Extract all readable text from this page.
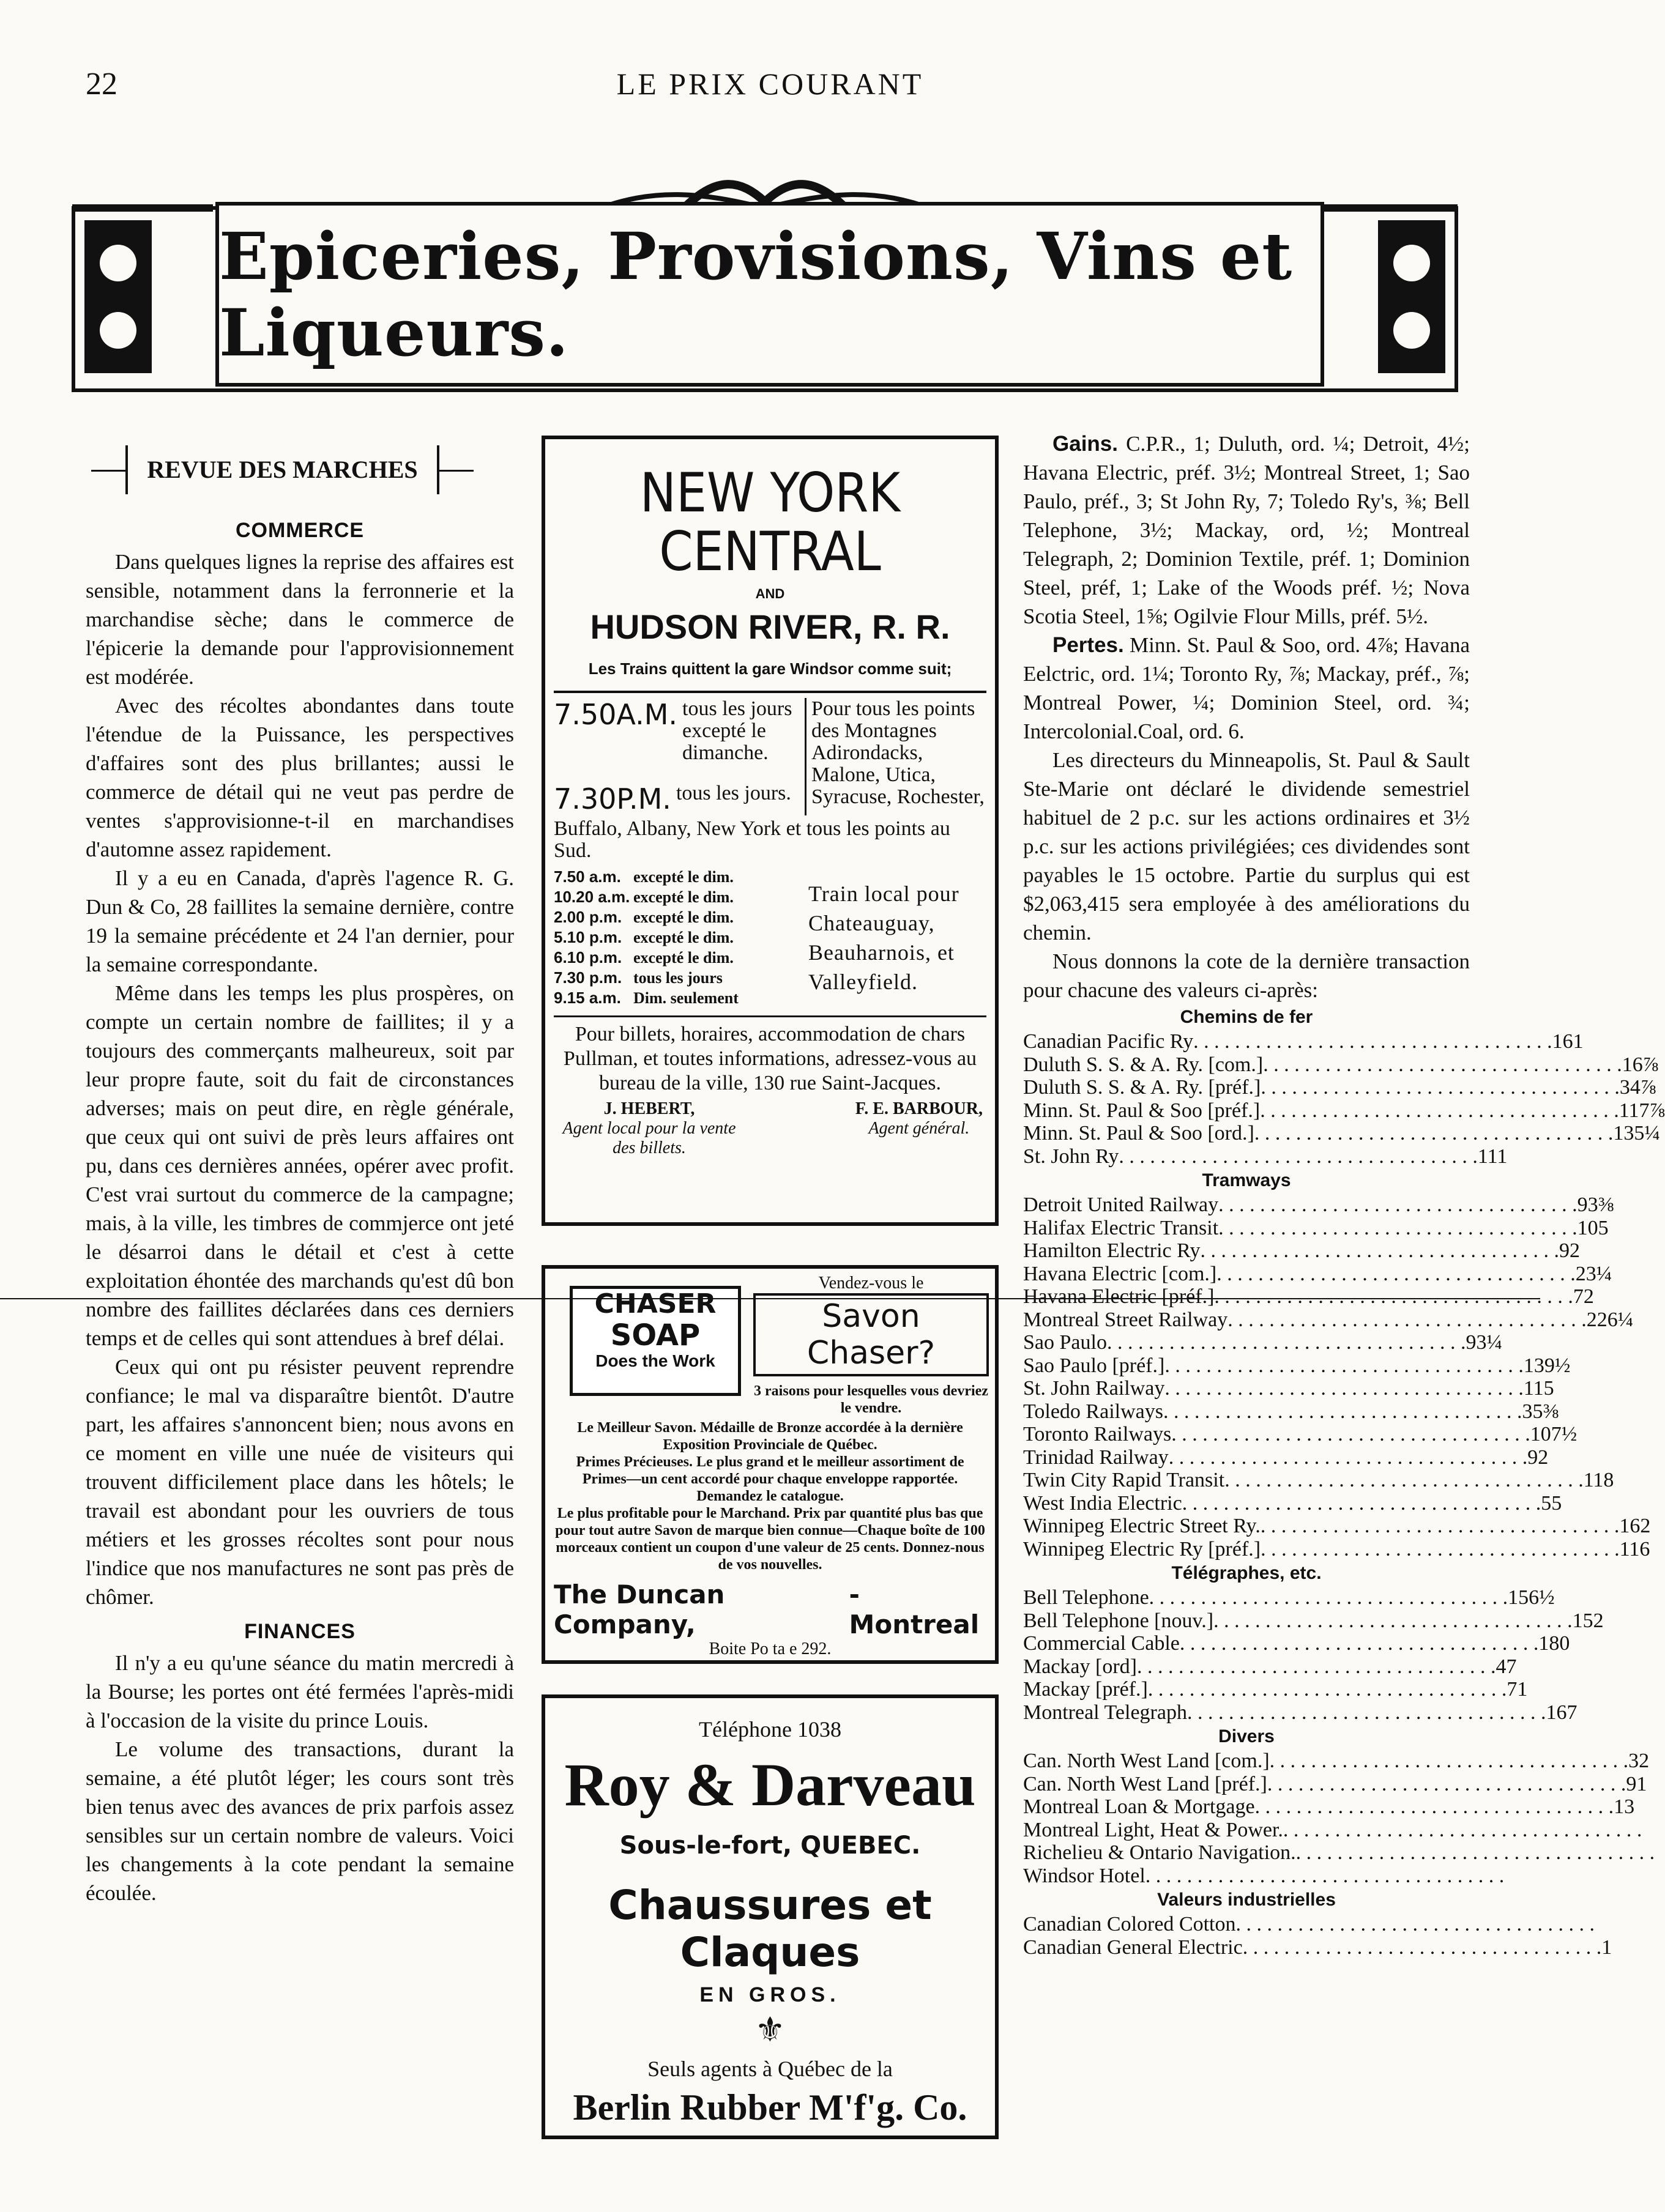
22	LE PRIX COURANT
Epiceries, Provisions, Vins et Liqueurs.
REVUE DES MARCHES
COMMERCE

Dans quelques lignes la reprise des affaires est sensible, notamment dans la ferronnerie et la marchandise sèche; dans le commerce de l'épicerie la demande pour l'approvisionnement est modérée.

Avec des récoltes abondantes dans toute l'étendue de la Puissance, les perspectives d'affaires sont des plus brillantes; aussi le commerce de détail qui ne veut pas perdre de ventes s'approvisionne-t-il en marchandises d'automne assez rapidement.

Il y a eu en Canada, d'après l'agence R. G. Dun & Co, 28 faillites la semaine dernière, contre 19 la semaine précédente et 24 l'an dernier, pour la semaine correspondante.

Même dans les temps les plus prospères, on compte un certain nombre de faillites; il y a toujours des commerçants malheureux, soit par leur propre faute, soit du fait de circonstances adverses; mais on peut dire, en règle générale, que ceux qui ont suivi de près leurs affaires ont pu, dans ces dernières années, opérer avec profit. C'est vrai surtout du commerce de la campagne; mais, à la ville, les timbres de commjerce ont jeté le désarroi dans le détail et c'est à cette exploitation éhontée des marchands qu'est dû bon nombre des faillites déclarées dans ces derniers temps et de celles qui sont attendues à bref délai.

Ceux qui ont pu résister peuvent reprendre confiance; le mal va disparaître bientôt. D'autre part, les affaires s'annoncent bien; nous avons en ce moment en ville une nuée de visiteurs qui trouvent difficilement place dans les hôtels; le travail est abondant pour les ouvriers de tous métiers et les grosses récoltes sont pour nous l'indice que nos manufactures ne sont pas près de chômer.

FINANCES

Il n'y a eu qu'une séance du matin mercredi à la Bourse; les portes ont été fermées l'après-midi à l'occasion de la visite du prince Louis.

Le volume des transactions, durant la semaine, a été plutôt léger; les cours sont très bien tenus avec des avances de prix parfois assez sensibles sur un certain nombre de valeurs. Voici les changements à la cote pendant la semaine écoulée.

NEW YORK CENTRAL
AND
HUDSON RIVER, R. R.
Les Trains quittent la gare Windsor comme suit;
7.50A.M. tous les jours excepté le dimanche.
7.30P.M. tous les jours.
Pour tous les points des Montagnes Adirondacks, Malone, Utica, Syracuse, Rochester,
Buffalo, Albany, New York et tous les points au Sud.
7.50 a.m. excepté le dim.
10.20 a.m. excepté le dim.
2.00 p.m. excepté le dim.
5.10 p.m. excepté le dim.
6.10 p.m. excepté le dim.
7.30 p.m. tous les jours
9.15 a.m. Dim. seulement
Train local pour Chateauguay, Beauharnois, et Valleyfield.
Pour billets, horaires, accommodation de chars Pullman, et toutes informations, adressez-vous au bureau de la ville, 130 rue Saint-Jacques.
J. HEBERT,
Agent local pour la vente des billets.
F. E. BARBOUR,
Agent général.
CHASER
SOAP
Does the Work
Vendez-vous le
Savon Chaser?
3 raisons pour lesquelles vous devriez le vendre.
Le Meilleur Savon. Médaille de Bronze accordée à la dernière Exposition Provinciale de Québec.
Primes Précieuses. Le plus grand et le meilleur assortiment de Primes—un cent accordé pour chaque enveloppe rapportée. Demandez le catalogue.
Le plus profitable pour le Marchand. Prix par quantité plus bas que pour tout autre Savon de marque bien connue—Chaque boîte de 100 morceaux contient un coupon d'une valeur de 25 cents. Donnez-nous de vos nouvelles.
The Duncan Company,
- Montreal
Boite Po ta e 292.
Téléphone 1038
Roy & Darveau
Sous-le-fort, QUEBEC.
Chaussures et Claques
EN GROS.
⚜
Seuls agents à Québec de la
Berlin Rubber M'f'g. Co.

Gains. C.P.R., 1; Duluth, ord. ¼; Detroit, 4½; Havana Electric, préf. 3½; Montreal Street, 1; Sao Paulo, préf., 3; St John Ry, 7; Toledo Ry's, ⅜; Bell Telephone, 3½; Mackay, ord, ½; Montreal Telegraph, 2; Dominion Textile, préf. 1; Dominion Steel, préf, 1; Lake of the Woods préf. ½; Nova Scotia Steel, 1⅝; Ogilvie Flour Mills, préf. 5½.

Pertes. Minn. St. Paul & Soo, ord. 4⅞; Havana Eelctric, ord. 1¼; Toronto Ry, ⅞; Mackay, préf., ⅞; Montreal Power, ¼; Dominion Steel, ord. ¾; Intercolonial.Coal, ord. 6.

Les directeurs du Minneapolis, St. Paul & Sault Ste-Marie ont déclaré le dividende semestriel habituel de 2 p.c. sur les actions ordinaires et 3½ p.c. sur les actions privilégiées; ces dividendes sont payables le 15 octobre. Partie du surplus qui est $2,063,415 sera employée à des améliorations du chemin.

Nous donnons la cote de la dernière transaction pour chacune des valeurs ci-après:

Chemins de fer
Canadian Pacific Ry . . . . . . . . . . . . . . . . . . . . . . . . . . . . . . . . . . . 161
Duluth S. S. & A. Ry. [com.] . . . . . . . . . . . . . . . . . . . . . . . . . . . . . . . . . . . 16⅞
Duluth S. S. & A. Ry. [préf.] . . . . . . . . . . . . . . . . . . . . . . . . . . . . . . . . . . . 34⅞
Minn. St. Paul & Soo [préf.] . . . . . . . . . . . . . . . . . . . . . . . . . . . . . . . . . . . 117⅞
Minn. St. Paul & Soo [ord.] . . . . . . . . . . . . . . . . . . . . . . . . . . . . . . . . . . . 135¼
St. John Ry . . . . . . . . . . . . . . . . . . . . . . . . . . . . . . . . . . . 111
Tramways
Detroit United Railway . . . . . . . . . . . . . . . . . . . . . . . . . . . . . . . . . . . 93⅜
Halifax Electric Transit . . . . . . . . . . . . . . . . . . . . . . . . . . . . . . . . . . . 105
Hamilton Electric Ry . . . . . . . . . . . . . . . . . . . . . . . . . . . . . . . . . . . 92
Havana Electric [com.] . . . . . . . . . . . . . . . . . . . . . . . . . . . . . . . . . . . 23¼
Havana Electric [préf.] . . . . . . . . . . . . . . . . . . . . . . . . . . . . . . . . . . . 72
Montreal Street Railway . . . . . . . . . . . . . . . . . . . . . . . . . . . . . . . . . . . 226¼
Sao Paulo . . . . . . . . . . . . . . . . . . . . . . . . . . . . . . . . . . . 93¼
Sao Paulo [préf.] . . . . . . . . . . . . . . . . . . . . . . . . . . . . . . . . . . . 139½
St. John Railway . . . . . . . . . . . . . . . . . . . . . . . . . . . . . . . . . . . 115
Toledo Railways . . . . . . . . . . . . . . . . . . . . . . . . . . . . . . . . . . . 35⅜
Toronto Railways . . . . . . . . . . . . . . . . . . . . . . . . . . . . . . . . . . . 107½
Trinidad Railway . . . . . . . . . . . . . . . . . . . . . . . . . . . . . . . . . . . 92
Twin City Rapid Transit . . . . . . . . . . . . . . . . . . . . . . . . . . . . . . . . . . . 118
West India Electric . . . . . . . . . . . . . . . . . . . . . . . . . . . . . . . . . . . 55
Winnipeg Electric Street Ry. . . . . . . . . . . . . . . . . . . . . . . . . . . . . . . . . . . . 162
Winnipeg Electric Ry [préf.] . . . . . . . . . . . . . . . . . . . . . . . . . . . . . . . . . . . 116
Télégraphes, etc.
Bell Telephone . . . . . . . . . . . . . . . . . . . . . . . . . . . . . . . . . . . 156½
Bell Telephone [nouv.] . . . . . . . . . . . . . . . . . . . . . . . . . . . . . . . . . . . 152
Commercial Cable . . . . . . . . . . . . . . . . . . . . . . . . . . . . . . . . . . . 180
Mackay [ord] . . . . . . . . . . . . . . . . . . . . . . . . . . . . . . . . . . . 47
Mackay [préf.] . . . . . . . . . . . . . . . . . . . . . . . . . . . . . . . . . . . 71
Montreal Telegraph . . . . . . . . . . . . . . . . . . . . . . . . . . . . . . . . . . . 167
Divers
Can. North West Land [com.] . . . . . . . . . . . . . . . . . . . . . . . . . . . . . . . . . . . 32
Can. North West Land [préf.] . . . . . . . . . . . . . . . . . . . . . . . . . . . . . . . . . . . 91
Montreal Loan & Mortgage . . . . . . . . . . . . . . . . . . . . . . . . . . . . . . . . . . . 13
Montreal Light, Heat & Power. . . . . . . . . . . . . . . . . . . . . . . . . . . . . . . . . . . .
Richelieu & Ontario Navigation. . . . . . . . . . . . . . . . . . . . . . . . . . . . . . . . . . . .
Windsor Hotel . . . . . . . . . . . . . . . . . . . . . . . . . . . . . . . . . . .
Valeurs industrielles
Canadian Colored Cotton . . . . . . . . . . . . . . . . . . . . . . . . . . . . . . . . . . .
Canadian General Electric . . . . . . . . . . . . . . . . . . . . . . . . . . . . . . . . . . . 1
